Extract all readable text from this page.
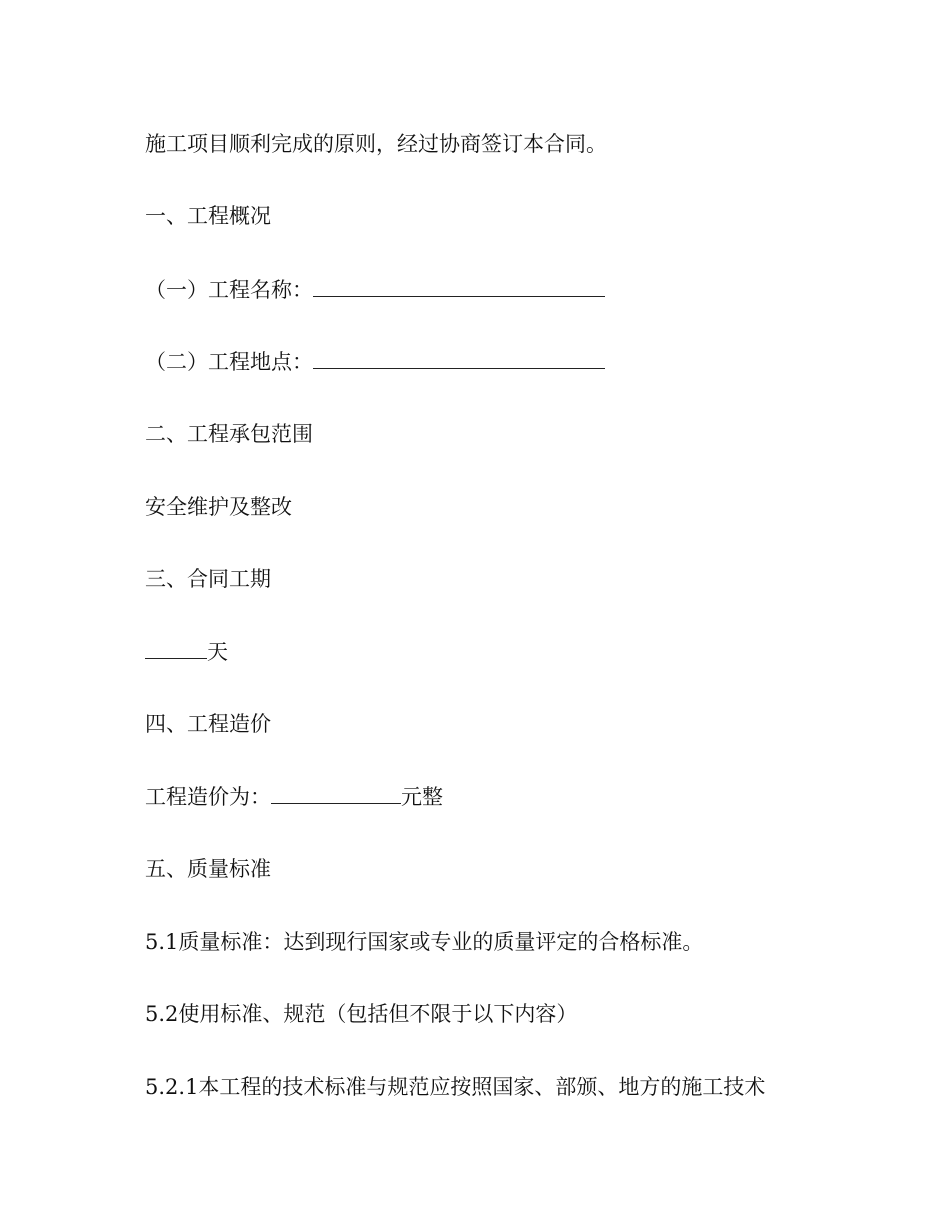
施工项目顺利完成的原则，经过协商签订本合同。
一、工程概况
（一）工程名称：
（二）工程地点：
二、工程承包范围
安全维护及整改
三、合同工期
天
四、工程造价
工程造价为：	元整
五、质量标准
5.1质量标准：达到现行国家或专业的质量评定的合格标准。
5.2使用标准、规范（包括但不限于以下内容）
5.2.1本工程的技术标准与规范应按照国家、部颁、地方的施工技术
